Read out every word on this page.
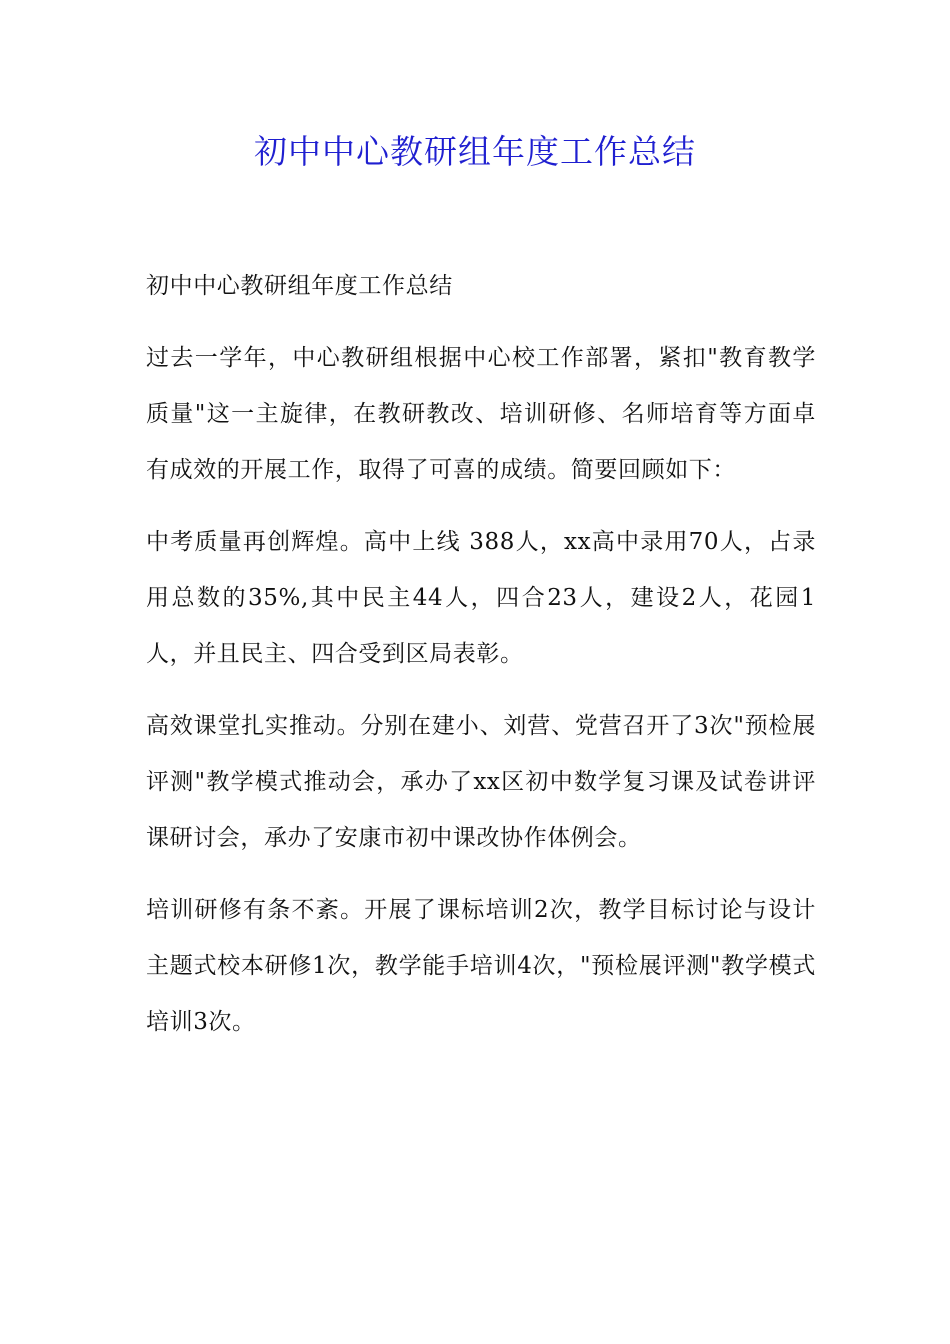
初中中心教研组年度工作总结

初中中心教研组年度工作总结

过去一学年，中心教研组根据中心校工作部署，紧扣"教育教学质量"这一主旋律，在教研教改、培训研修、名师培育等方面卓有成效的开展工作，取得了可喜的成绩。简要回顾如下：

中考质量再创辉煌。高中上线 388人，xx高中录用70人，占录用总数的35%,其中民主44人，四合23人，建设2人，花园1人，并且民主、四合受到区局表彰。

高效课堂扎实推动。分别在建小、刘营、党营召开了3次"预检展评测"教学模式推动会，承办了xx区初中数学复习课及试卷讲评课研讨会，承办了安康市初中课改协作体例会。

培训研修有条不紊。开展了课标培训2次，教学目标讨论与设计主题式校本研修1次，教学能手培训4次，"预检展评测"教学模式培训3次。
